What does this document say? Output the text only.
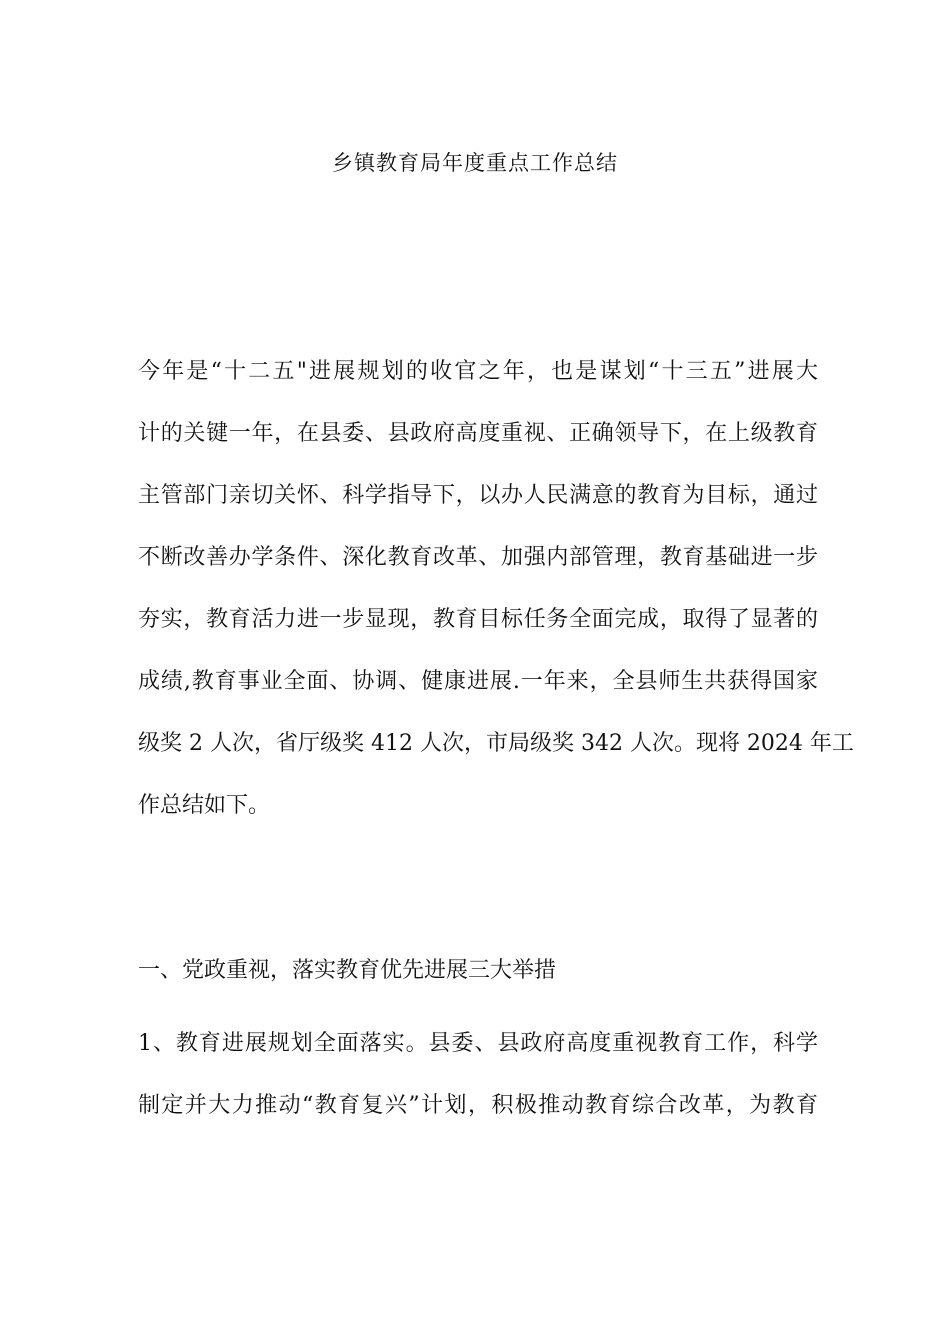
乡镇教育局年度重点工作总结
今年是“十二五"进展规划的收官之年，也是谋划“十三五”进展大
计的关键一年，在县委、县政府高度重视、正确领导下，在上级教育
主管部门亲切关怀、科学指导下，以办人民满意的教育为目标，通过
不断改善办学条件、深化教育改革、加强内部管理，教育基础进一步
夯实，教育活力进一步显现，教育目标任务全面完成，取得了显著的
成绩,教育事业全面、协调、健康进展.一年来，全县师生共获得国家
级奖 2 人次，省厅级奖 412 人次，市局级奖 342 人次。现将 2024 年工
作总结如下。
一、党政重视，落实教育优先进展三大举措
1、教育进展规划全面落实。县委、县政府高度重视教育工作，科学
制定并大力推动“教育复兴”计划，积极推动教育综合改革，为教育
